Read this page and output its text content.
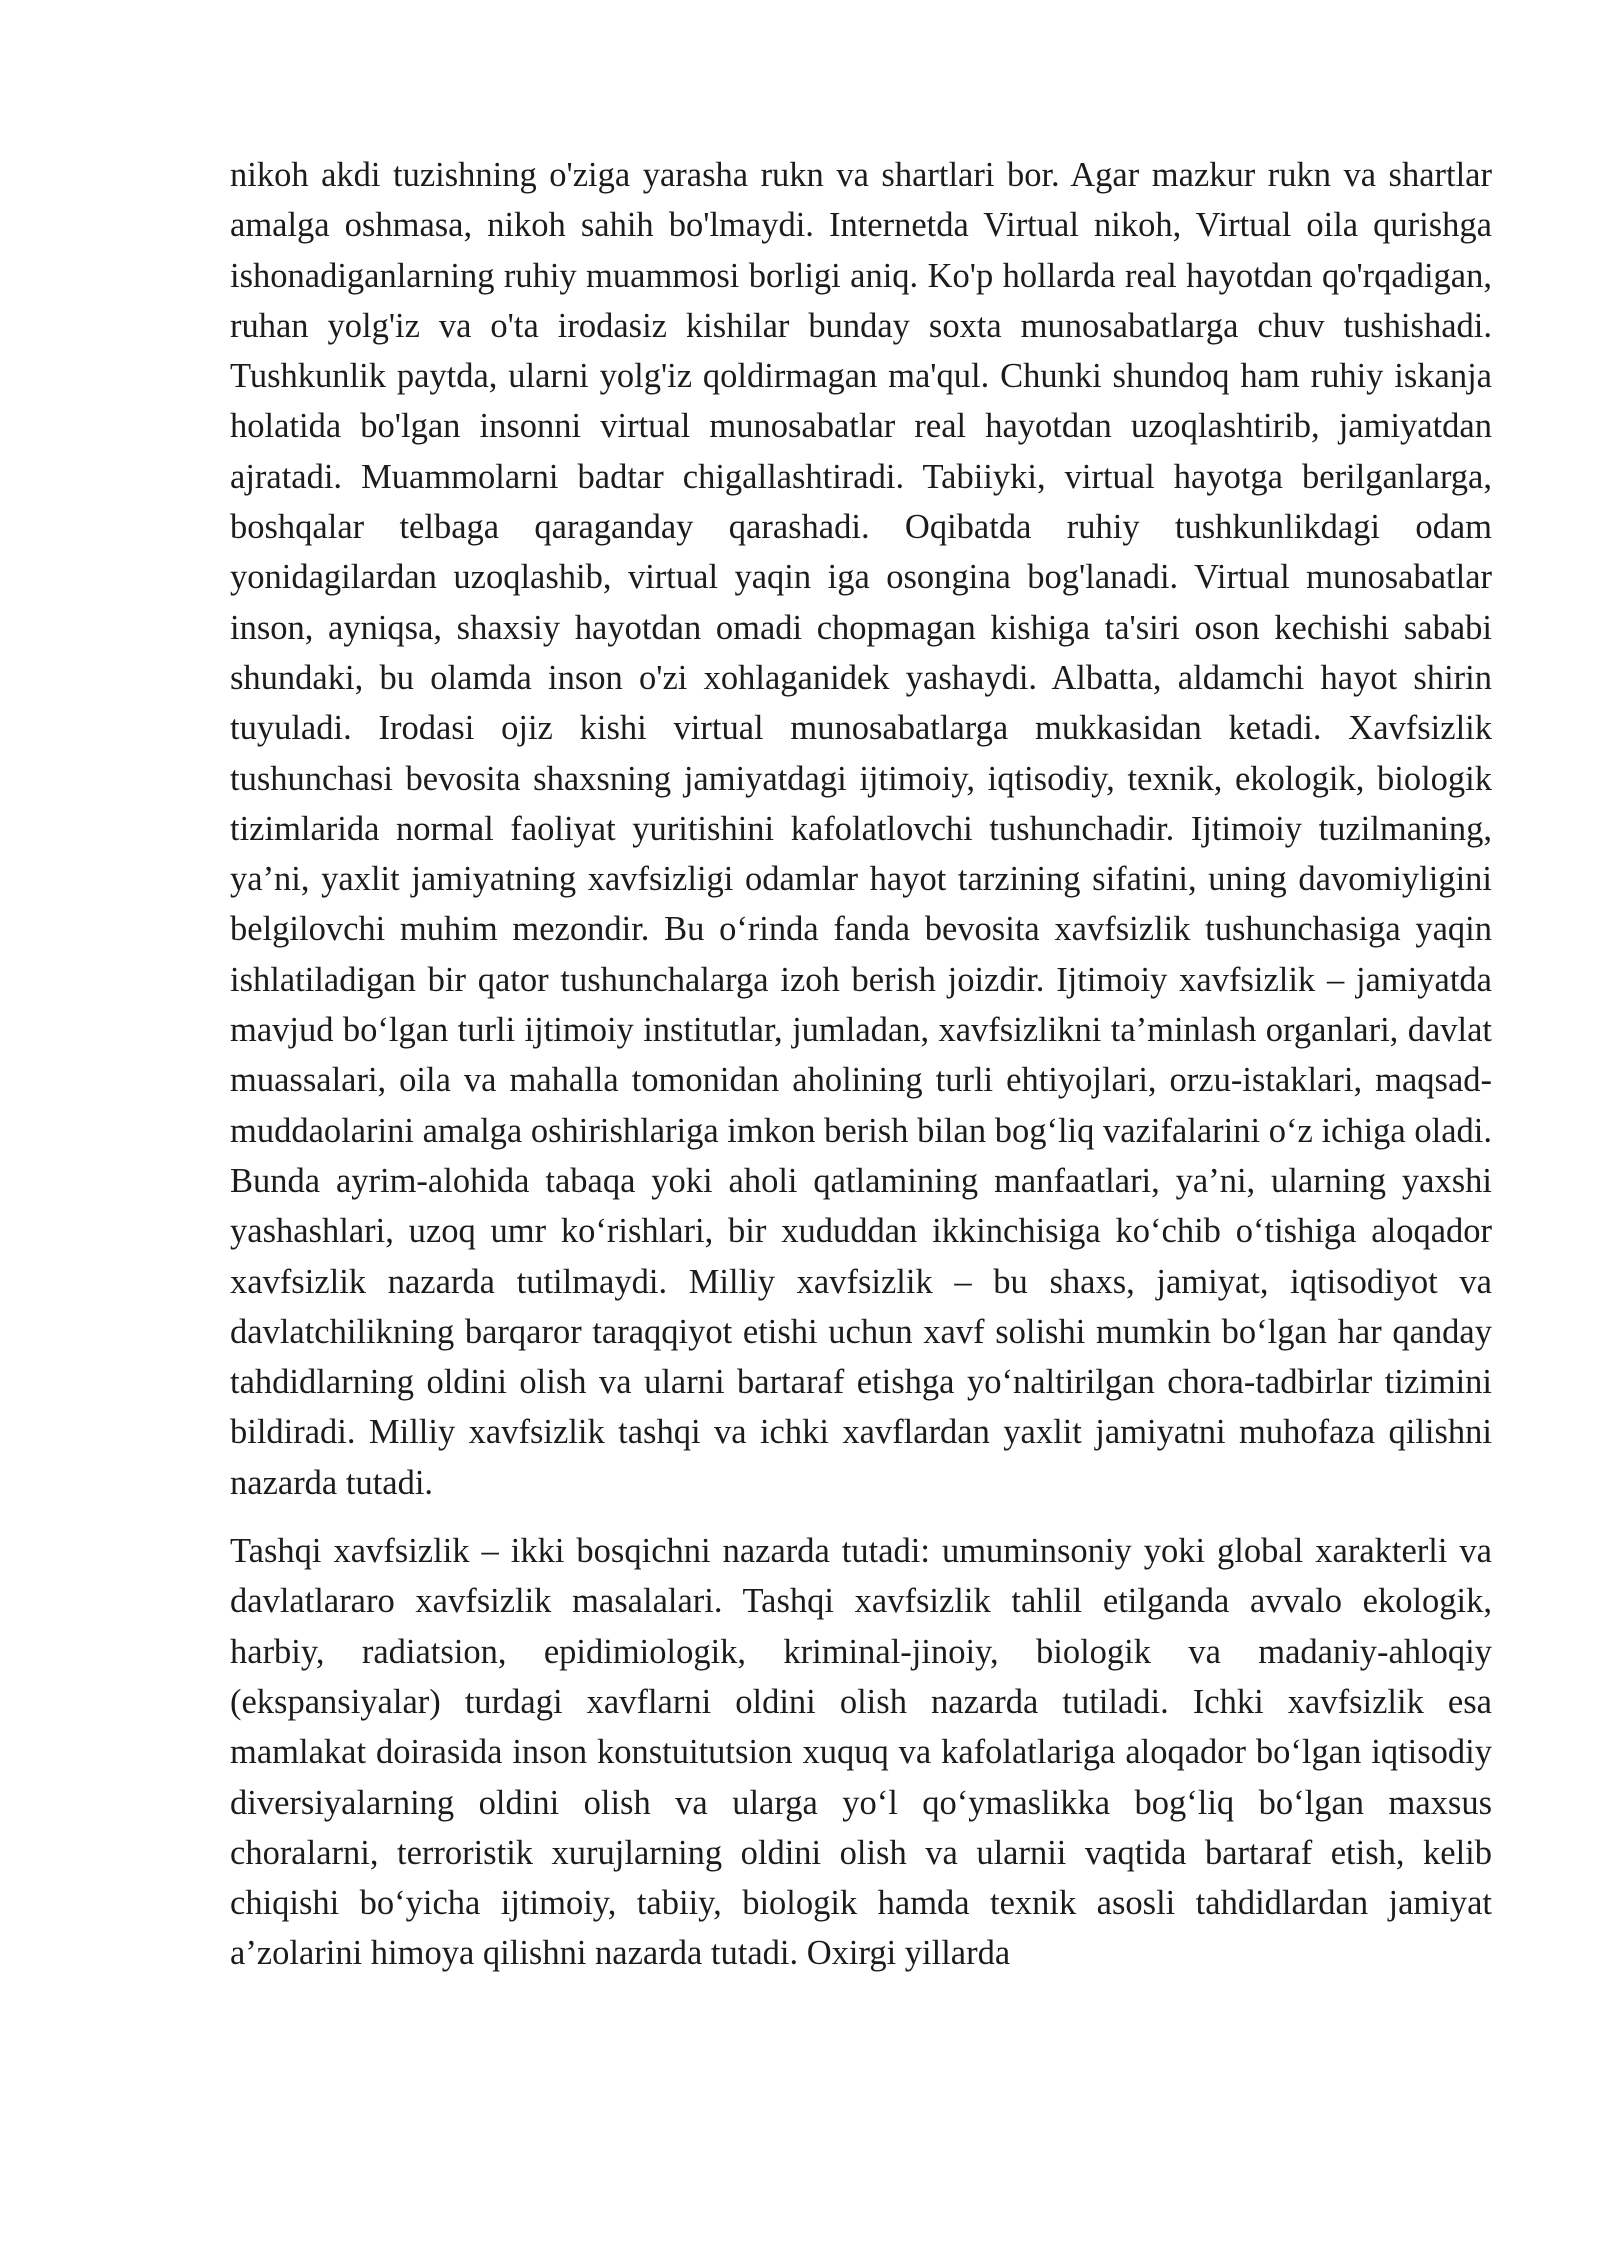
nikoh akdi tuzishning o'ziga yarasha rukn va shartlari bor. Agar mazkur rukn va shartlar amalga oshmasa, nikoh sahih bo'lmaydi. Internetda Virtual nikoh, Virtual oila qurishga ishonadiganlarning ruhiy muammosi borligi aniq. Ko'p hollarda real hayotdan qo'rqadigan, ruhan yolg'iz va o'ta irodasiz kishilar bunday soxta munosabatlarga chuv tushishadi. Tushkunlik paytda, ularni yolg'iz qoldirmagan ma'qul. Chunki shundoq ham ruhiy iskanja holatida bo'lgan insonni virtual munosabatlar real hayotdan uzoqlashtirib, jamiyatdan ajratadi. Muammolarni badtar chigallashtiradi. Tabiiyki, virtual hayotga berilganlarga, boshqalar telbaga qaraganday qarashadi. Oqibatda ruhiy tushkunlikdagi odam yonidagilardan uzoqlashib, virtual yaqin iga osongina bog'lanadi. Virtual munosabatlar inson, ayniqsa, shaxsiy hayotdan omadi chopmagan kishiga ta'siri oson kechishi sababi shundaki, bu olamda inson o'zi xohlaganidek yashaydi. Albatta, aldamchi hayot shirin tuyuladi. Irodasi ojiz kishi virtual munosabatlarga mukkasidan ketadi. Xavfsizlik tushunchasi bevosita shaxsning jamiyatdagi ijtimoiy, iqtisodiy, texnik, ekologik, biologik tizimlarida normal faoliyat yuritishini kafolatlovchi tushunchadir. Ijtimoiy tuzilmaning, ya’ni, yaxlit jamiyatning xavfsizligi odamlar hayot tarzining sifatini, uning davomiyligini belgilovchi muhim mezondir. Bu o‘rinda fanda bevosita xavfsizlik tushunchasiga yaqin ishlatiladigan bir qator tushunchalarga izoh berish joizdir. Ijtimoiy xavfsizlik – jamiyatda mavjud bo‘lgan turli ijtimoiy institutlar, jumladan, xavfsizlikni ta’minlash organlari, davlat muassalari, oila va mahalla tomonidan aholining turli ehtiyojlari, orzu-istaklari, maqsad-muddaolarini amalga oshirishlariga imkon berish bilan bog‘liq vazifalarini o‘z ichiga oladi. Bunda ayrim-alohida tabaqa yoki aholi qatlamining manfaatlari, ya’ni, ularning yaxshi yashashlari, uzoq umr ko‘rishlari, bir xududdan ikkinchisiga ko‘chib o‘tishiga aloqador xavfsizlik nazarda tutilmaydi. Milliy xavfsizlik – bu shaxs, jamiyat, iqtisodiyot va davlatchilikning barqaror taraqqiyot etishi uchun xavf solishi mumkin bo‘lgan har qanday tahdidlarning oldini olish va ularni bartaraf etishga yo‘naltirilgan chora-tadbirlar tizimini bildiradi. Milliy xavfsizlik tashqi va ichki xavflardan yaxlit jamiyatni muhofaza qilishni nazarda tutadi.

Tashqi xavfsizlik – ikki bosqichni nazarda tutadi: umuminsoniy yoki global xarakterli va davlatlararo xavfsizlik masalalari. Tashqi xavfsizlik tahlil etilganda avvalo ekologik, harbiy, radiatsion, epidimiologik, kriminal-jinoiy, biologik va madaniy-ahloqiy (ekspansiyalar) turdagi xavflarni oldini olish nazarda tutiladi. Ichki xavfsizlik esa mamlakat doirasida inson konstuitutsion xuquq va kafolatlariga aloqador bo‘lgan iqtisodiy diversiyalarning oldini olish va ularga yo‘l qo‘ymaslikka bog‘liq bo‘lgan maxsus choralarni, terroristik xurujlarning oldini olish va ularnii vaqtida bartaraf etish, kelib chiqishi bo‘yicha ijtimoiy, tabiiy, biologik hamda texnik asosli tahdidlardan jamiyat a’zolarini himoya qilishni nazarda tutadi. Oxirgi yillarda
